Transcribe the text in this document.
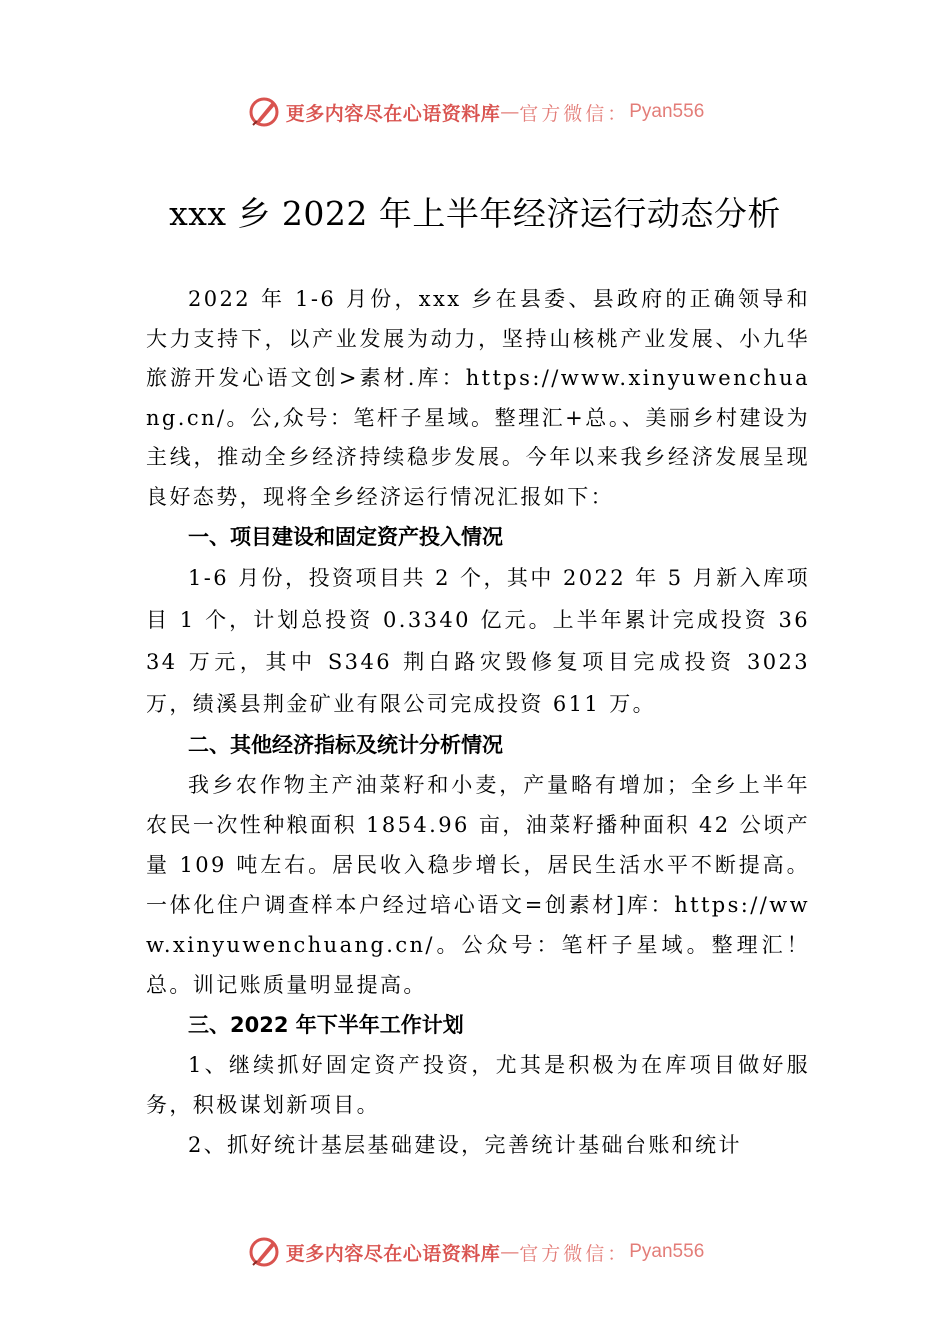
更多内容尽在心语资料库 — 官方微信： Pyan556
xxx 乡 2022 年上半年经济运行动态分析

2022 年 1-6 月份，xxx 乡在县委、县政府的正确领导和大力支持下，以产业发展为动力，坚持山核桃产业发展、小九华旅游开发心语文创>素材.库：https://www.xinyuwenchuang.cn/。公,众号：笔杆子星域。整理汇+总。、美丽乡村建设为主线，推动全乡经济持续稳步发展。今年以来我乡经济发展呈现良好态势，现将全乡经济运行情况汇报如下：

一、项目建设和固定资产投入情况

1-6 月份，投资项目共 2 个，其中 2022 年 5 月新入库项目 1 个，计划总投资 0.3340 亿元。上半年累计完成投资 3634 万元，其中 S346 荆白路灾毁修复项目完成投资 3023 万，绩溪县荆金矿业有限公司完成投资 611 万。

二、其他经济指标及统计分析情况

我乡农作物主产油菜籽和小麦，产量略有增加；全乡上半年农民一次性种粮面积 1854.96 亩，油菜籽播种面积 42 公顷产量 109 吨左右。居民收入稳步增长，居民生活水平不断提高。一体化住户调查样本户经过培心语文=创素材]库：https://www.xinyuwenchuang.cn/。公众号：笔杆子星域。整理汇！总。训记账质量明显提高。

三、2022 年下半年工作计划

1、继续抓好固定资产投资，尤其是积极为在库项目做好服务，积极谋划新项目。

2、抓好统计基层基础建设，完善统计基础台账和统计

更多内容尽在心语资料库 — 官方微信： Pyan556
